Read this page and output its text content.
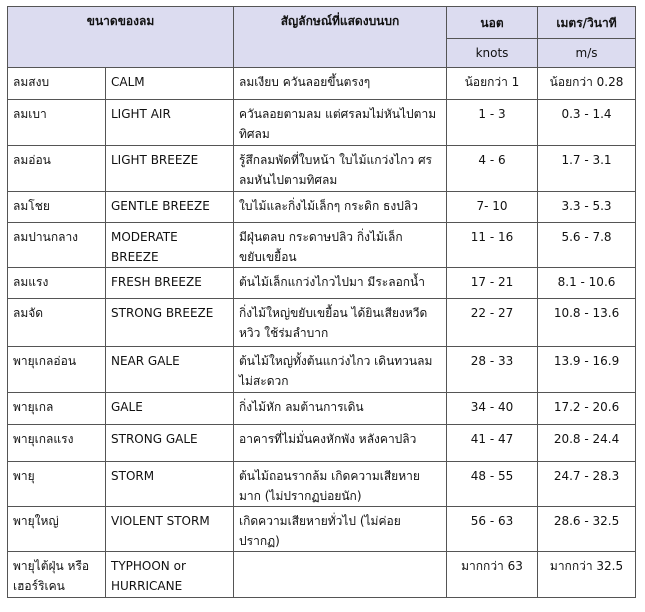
ขนาดของลม		สัญลักษณ์ที่แสดงบนบก	นอต	เมตร/วินาที
			knots	m/s
ลมสงบ	CALM	ลมเงียบ ควันลอยขึ้นตรงๆ	น้อยกว่า 1	น้อยกว่า 0.28
ลมเบา	LIGHT AIR	ควันลอยตามลม แต่ศรลมไม่หันไปตามทิศลม	1 - 3	0.3 - 1.4
ลมอ่อน	LIGHT BREEZE	รู้สึกลมพัดที่ใบหน้า ใบไม้แกว่งไกว ศรลมหันไปตามทิศลม	4 - 6	1.7 - 3.1
ลมโชย	GENTLE BREEZE	ใบไม้และกิ่งไม้เล็กๆ กระดิก ธงปลิว	7- 10	3.3 - 5.3
ลมปานกลาง	MODERATE BREEZE	มีฝุ่นตลบ กระดาษปลิว กิ่งไม้เล็กขยับเขยื้อน	11 - 16	5.6 - 7.8
ลมแรง	FRESH BREEZE	ต้นไม้เล็กแกว่งไกวไปมา มีระลอกน้ำ	17 - 21	8.1 - 10.6
ลมจัด	STRONG BREEZE	กิ่งไม้ใหญ่ขยับเขยื้อน ได้ยินเสียงหวีดหวิว ใช้ร่มลำบาก	22 - 27	10.8 - 13.6
พายุเกลอ่อน	NEAR GALE	ต้นไม้ใหญ่ทั้งต้นแกว่งไกว เดินทวนลมไม่สะดวก	28 - 33	13.9 - 16.9
พายุเกล	GALE	กิ่งไม้หัก ลมต้านการเดิน	34 - 40	17.2 - 20.6
พายุเกลแรง	STRONG GALE	อาคารที่ไม่มั่นคงหักพัง หลังคาปลิว	41 - 47	20.8 - 24.4
พายุ	STORM	ต้นไม้ถอนรากล้ม เกิดความเสียหายมาก (ไม่ปรากฏบ่อยนัก)	48 - 55	24.7 - 28.3
พายุใหญ่	VIOLENT STORM	เกิดความเสียหายทั่วไป (ไม่ค่อยปรากฏ)	56 - 63	28.6 - 32.5
พายุไต้ฝุ่น หรือเฮอร์ริเคน	TYPHOON or HURRICANE		มากกว่า 63	มากกว่า 32.5
